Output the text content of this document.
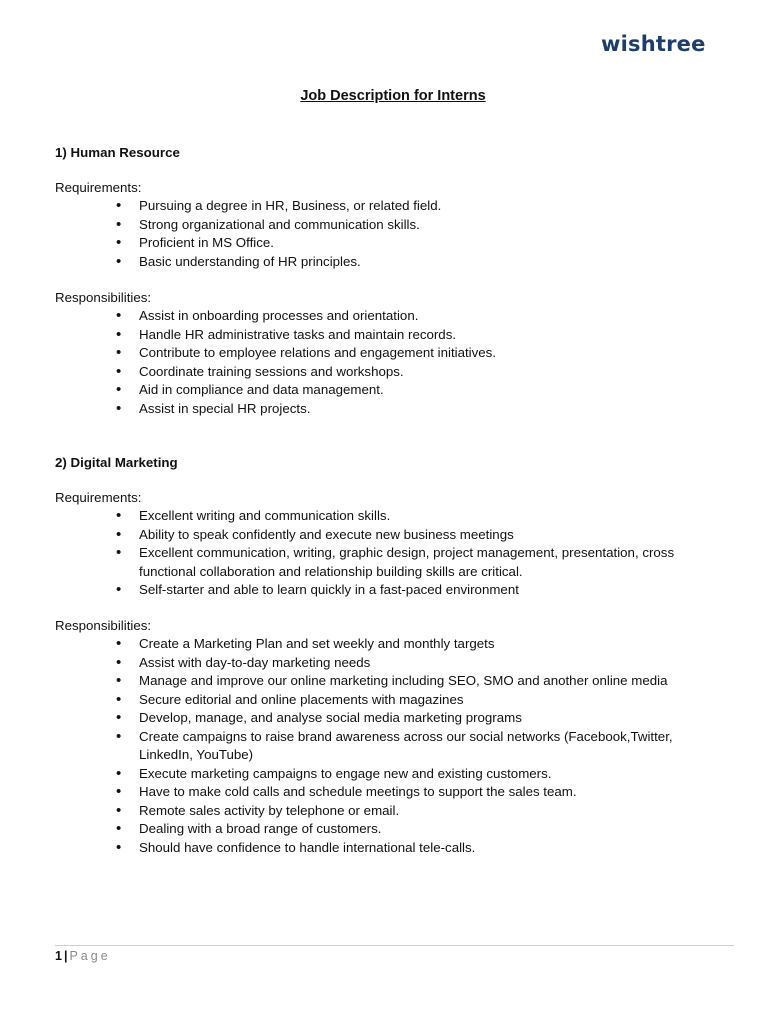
wishtree
Job Description for Interns
1) Human Resource
Requirements:
• Pursuing a degree in HR, Business, or related field.
• Strong organizational and communication skills.
• Proficient in MS Office.
• Basic understanding of HR principles.
Responsibilities:
• Assist in onboarding processes and orientation.
• Handle HR administrative tasks and maintain records.
• Contribute to employee relations and engagement initiatives.
• Coordinate training sessions and workshops.
• Aid in compliance and data management.
• Assist in special HR projects.
2) Digital Marketing
Requirements:
• Excellent writing and communication skills.
• Ability to speak confidently and execute new business meetings
• Excellent communication, writing, graphic design, project management, presentation, cross functional collaboration and relationship building skills are critical.
• Self-starter and able to learn quickly in a fast-paced environment
Responsibilities:
• Create a Marketing Plan and set weekly and monthly targets
• Assist with day-to-day marketing needs
• Manage and improve our online marketing including SEO, SMO and another online media
• Secure editorial and online placements with magazines
• Develop, manage, and analyse social media marketing programs
• Create campaigns to raise brand awareness across our social networks (Facebook,Twitter, LinkedIn, YouTube)
• Execute marketing campaigns to engage new and existing customers.
• Have to make cold calls and schedule meetings to support the sales team.
• Remote sales activity by telephone or email.
• Dealing with a broad range of customers.
• Should have confidence to handle international tele-calls.
1 | Page
